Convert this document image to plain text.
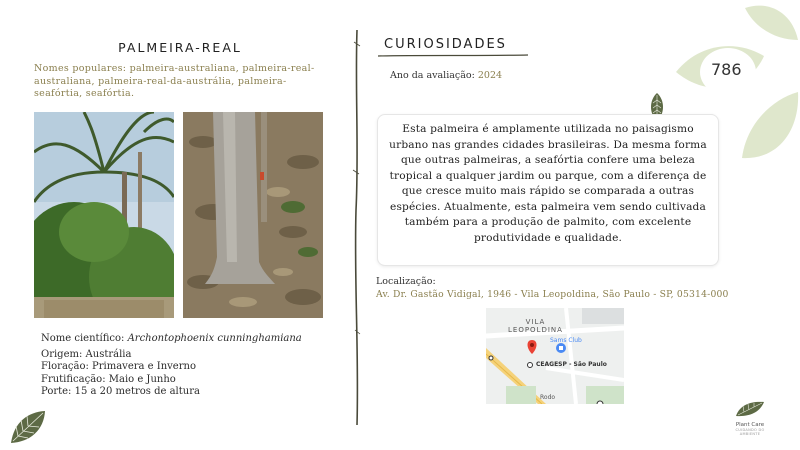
786
PALMEIRA-REAL
Nomes populares: palmeira-australiana, palmeira-real-australiana, palmeira-real-da-austrália, palmeira-seafórtia, seafórtia.
Nome científico: Archontophoenix cunninghamiana
Origem: Austrália
Floração: Primavera e Inverno
Frutificação: Maio e Junho
Porte: 15 a 20 metros de altura
CURIOSIDADES
Ano da avaliação: 2024

Esta palmeira é amplamente utilizada no paisagismo urbano nas grandes cidades brasileiras. Da mesma forma que outras palmeiras, a seafórtia confere uma beleza tropical a qualquer jardim ou parque, com a diferença de que cresce muito mais rápido se comparada a outras espécies. Atualmente, esta palmeira vem sendo cultivada também para a produção de palmito, com excelente produtividade e qualidade.

Localização:
Av. Dr. Gastão Vidigal, 1946 - Vila Leopoldina, São Paulo - SP, 05314-000
VILA
LEOPOLDINA
Sams Club
CEAGESP - São Paulo
Rodo
Plant Care
CUIDANDO DO AMBIENTE
